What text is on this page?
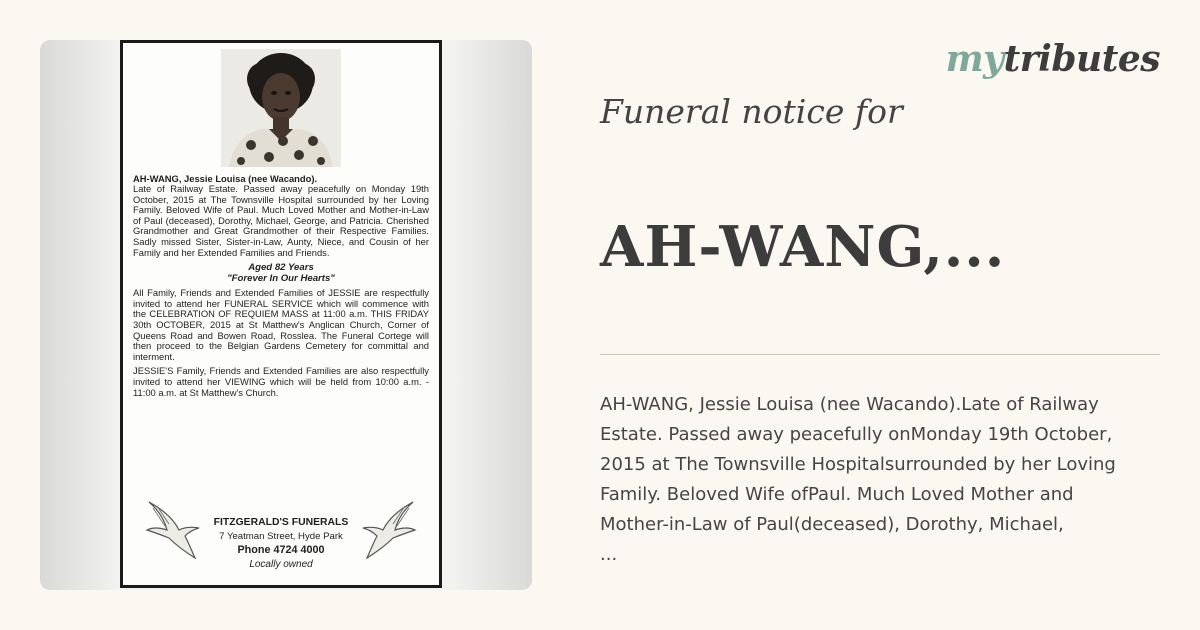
AH-WANG, Jessie Louisa (nee Wacando).
Late of Railway Estate. Passed away peacefully on Monday 19th October, 2015 at The Townsville Hospital surrounded by her Loving Family. Beloved Wife of Paul. Much Loved Mother and Mother-in-Law of Paul (deceased), Dorothy, Michael, George, and Patricia. Cherished Grandmother and Great Grandmother of their Respective Families. Sadly missed Sister, Sister-in-Law, Aunty, Niece, and Cousin of her Family and her Extended Families and Friends.
Aged 82 Years
"Forever In Our Hearts"
All Family, Friends and Extended Families of JESSIE are respectfully invited to attend her FUNERAL SERVICE which will commence with the CELEBRATION OF REQUIEM MASS at 11:00 a.m. THIS FRIDAY 30th OCTOBER, 2015 at St Matthew's Anglican Church, Corner of Queens Road and Bowen Road, Rosslea. The Funeral Cortege will then proceed to the Belgian Gardens Cemetery for committal and interment.
JESSIE'S Family, Friends and Extended Families are also respectfully invited to attend her VIEWING which will be held from 10:00 a.m. - 11:00 a.m. at St Matthew's Church.
FITZGERALD'S FUNERALS
7 Yeatman Street, Hyde Park
Phone 4724 4000
Locally owned
mytributes
Funeral notice for
AH-WANG,...
AH-WANG, Jessie Louisa (nee Wacando).Late of Railway
Estate. Passed away peacefully onMonday 19th October,
2015 at The Townsville Hospitalsurrounded by her Loving
Family. Beloved Wife ofPaul. Much Loved Mother and
Mother-in-Law of Paul(deceased), Dorothy, Michael,
...
